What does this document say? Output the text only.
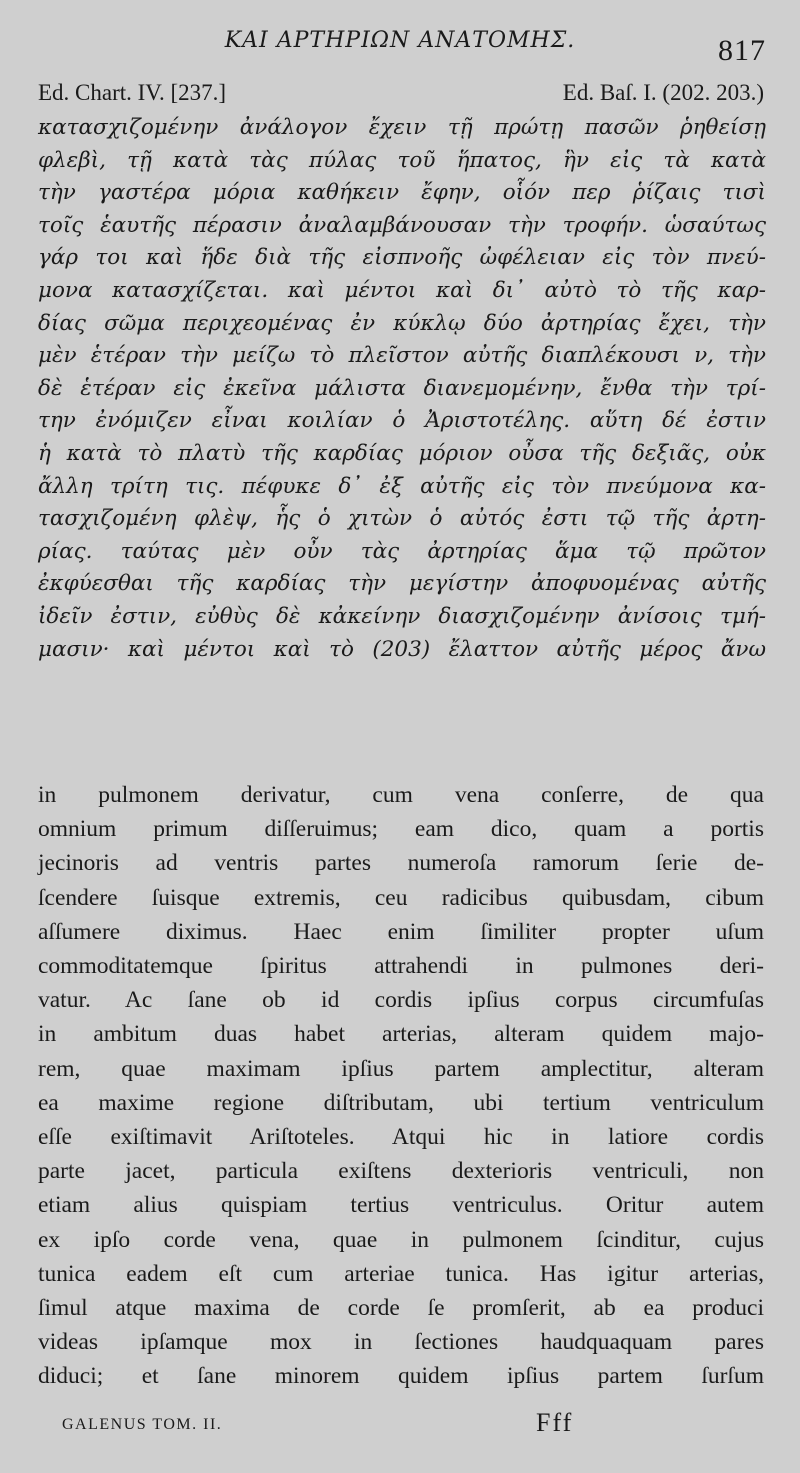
ΚΑΙ ΑΡΤΗΡΙΩΝ ΑΝΑΤΟΜΗΣ.	817
Ed. Chart. IV. [237.]	Ed. Baſ. I. (202. 203.)
κατασχιζομένην ἀνάλογον ἔχειν τῇ πρώτῃ πασῶν ῥηθείσῃ
φλεβὶ, τῇ κατὰ τὰς πύλας τοῦ ἥπατος, ἣν εἰς τὰ κατὰ
τὴν γαστέρα μόρια καθήκειν ἔφην, οἷόν περ ῥίζαις τισὶ
τοῖς ἑαυτῆς πέρασιν ἀναλαμβάνουσαν τὴν τροφήν. ὡσαύτως
γάρ τοι καὶ ἥδε διὰ τῆς εἰσπνοῆς ὠφέλειαν εἰς τὸν πνεύ-
μονα κατασχίζεται. καὶ μέντοι καὶ δι᾽ αὐτὸ τὸ τῆς καρ-
δίας σῶμα περιχεομένας ἐν κύκλῳ δύο ἀρτηρίας ἔχει, τὴν
μὲν ἑτέραν τὴν μείζω τὸ πλεῖστον αὐτῆς διαπλέκουσι ν, τὴν
δὲ ἑτέραν εἰς ἐκεῖνα μάλιστα διανεμομένην, ἔνθα τὴν τρί-
την ἐνόμιζεν εἶναι κοιλίαν ὁ Ἀριστοτέλης. αὕτη δέ ἐστιν
ἡ κατὰ τὸ πλατὺ τῆς καρδίας μόριον οὖσα τῆς δεξιᾶς, οὐκ
ἄλλη τρίτη τις. πέφυκε δ᾽ ἐξ αὐτῆς εἰς τὸν πνεύμονα κα-
τασχιζομένη φλὲψ, ἧς ὁ χιτὼν ὁ αὐτός ἐστι τῷ τῆς ἀρτη-
ρίας. ταύτας μὲν οὖν τὰς ἀρτηρίας ἅμα τῷ πρῶτον
ἐκφύεσθαι τῆς καρδίας τὴν μεγίστην ἀποφυομένας αὐτῆς
ἰδεῖν ἐστιν, εὐθὺς δὲ κἀκείνην διασχιζομένην ἀνίσοις τμή-
μασιν· καὶ μέντοι καὶ τὸ (203) ἔλαττον αὐτῆς μέρος ἄνω
in pulmonem derivatur, cum vena conſerre, de qua
omnium primum diſſeruimus; eam dico, quam a portis
jecinoris ad ventris partes numeroſa ramorum ſerie de-
ſcendere ſuisque extremis, ceu radicibus quibusdam, cibum
aſſumere diximus. Haec enim ſimiliter propter uſum
commoditatemque ſpiritus attrahendi in pulmones deri-
vatur. Ac ſane ob id cordis ipſius corpus circumfuſas
in ambitum duas habet arterias, alteram quidem majo-
rem, quae maximam ipſius partem amplectitur, alteram
ea maxime regione diſtributam, ubi tertium ventriculum
eſſe exiſtimavit Ariſtoteles. Atqui hic in latiore cordis
parte jacet, particula exiſtens dexterioris ventriculi, non
etiam alius quispiam tertius ventriculus. Oritur autem
ex ipſo corde vena, quae in pulmonem ſcinditur, cujus
tunica eadem eſt cum arteriae tunica. Has igitur arterias,
ſimul atque maxima de corde ſe promſerit, ab ea produci
videas ipſamque mox in ſectiones haudquaquam pares
diduci; et ſane minorem quidem ipſius partem ſurſum
GALENUS TOM. II.	Fff
